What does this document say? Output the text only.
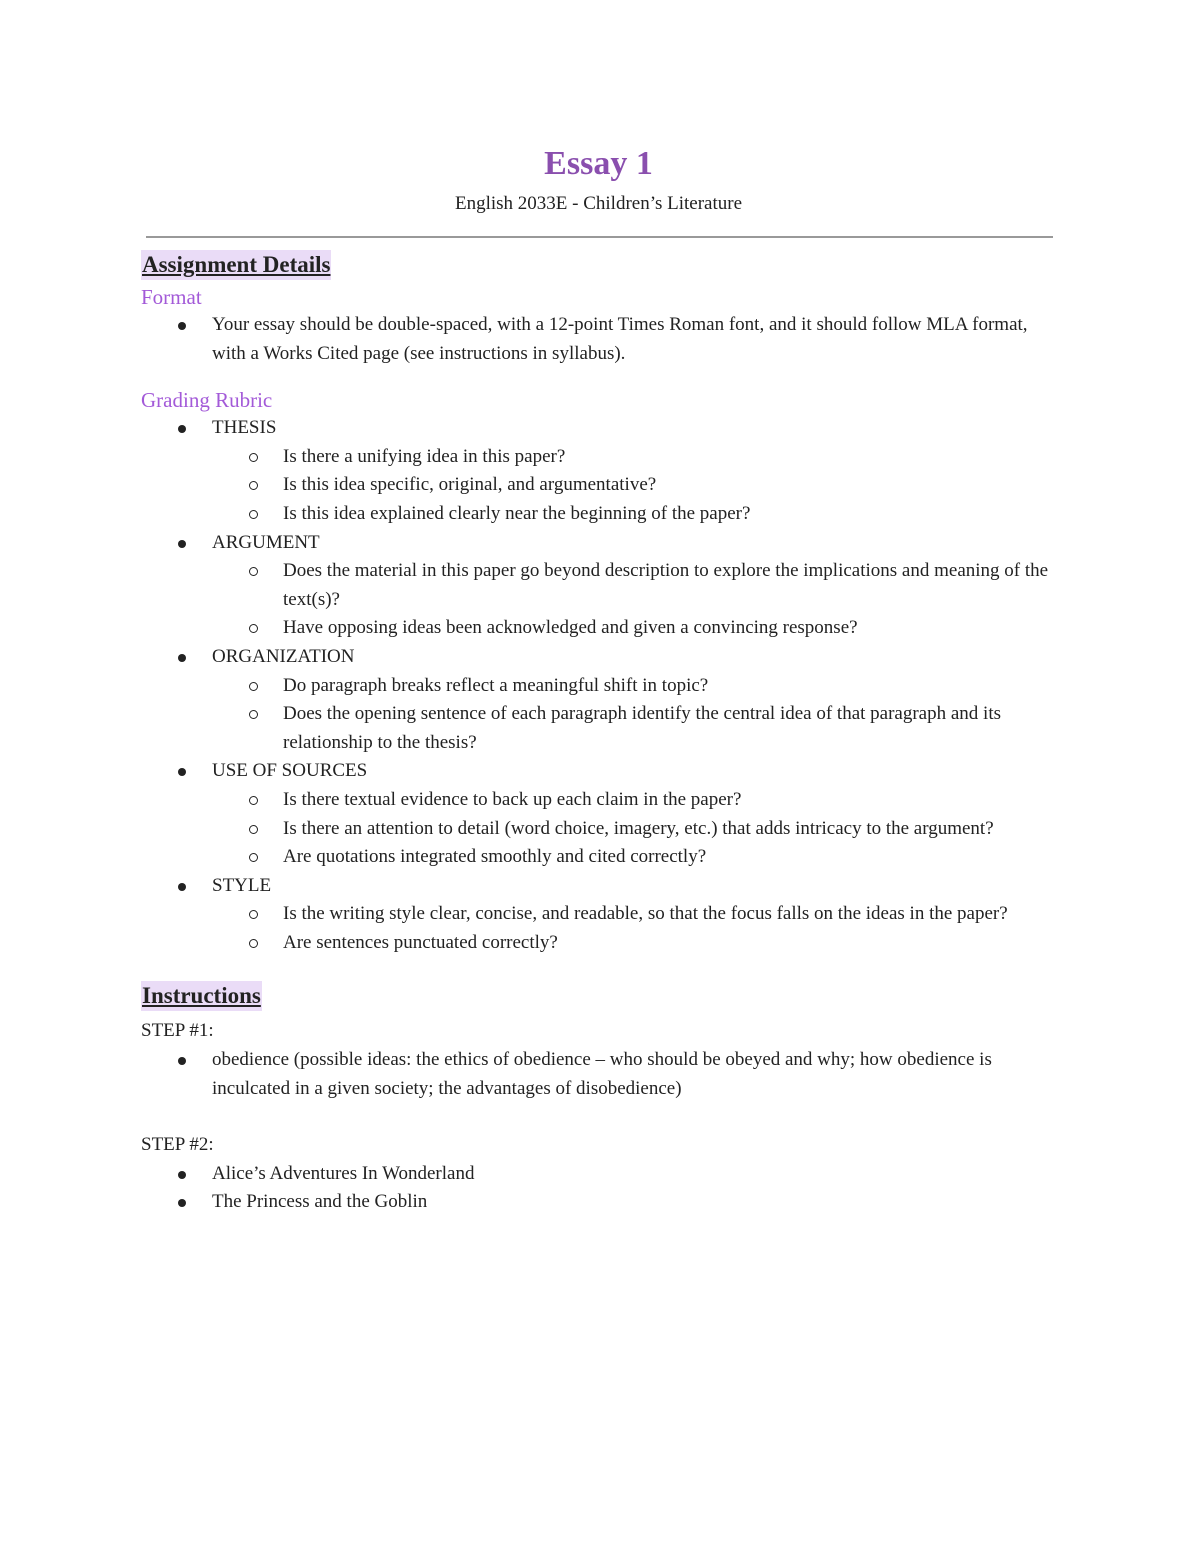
Essay 1
English 2033E - Children’s Literature
Assignment Details
Format
Your essay should be double-spaced, with a 12-point Times Roman font, and it should follow MLA format, with a Works Cited page (see instructions in syllabus).
Grading Rubric
THESIS
Is there a unifying idea in this paper?
Is this idea specific, original, and argumentative?
Is this idea explained clearly near the beginning of the paper?
ARGUMENT
Does the material in this paper go beyond description to explore the implications and meaning of the text(s)?
Have opposing ideas been acknowledged and given a convincing response?
ORGANIZATION
Do paragraph breaks reflect a meaningful shift in topic?
Does the opening sentence of each paragraph identify the central idea of that paragraph and its relationship to the thesis?
USE OF SOURCES
Is there textual evidence to back up each claim in the paper?
Is there an attention to detail (word choice, imagery, etc.) that adds intricacy to the argument?
Are quotations integrated smoothly and cited correctly?
STYLE
Is the writing style clear, concise, and readable, so that the focus falls on the ideas in the paper?
Are sentences punctuated correctly?
Instructions
STEP #1:
obedience (possible ideas: the ethics of obedience – who should be obeyed and why; how obedience is inculcated in a given society; the advantages of disobedience)
STEP #2:
Alice’s Adventures In Wonderland
The Princess and the Goblin
